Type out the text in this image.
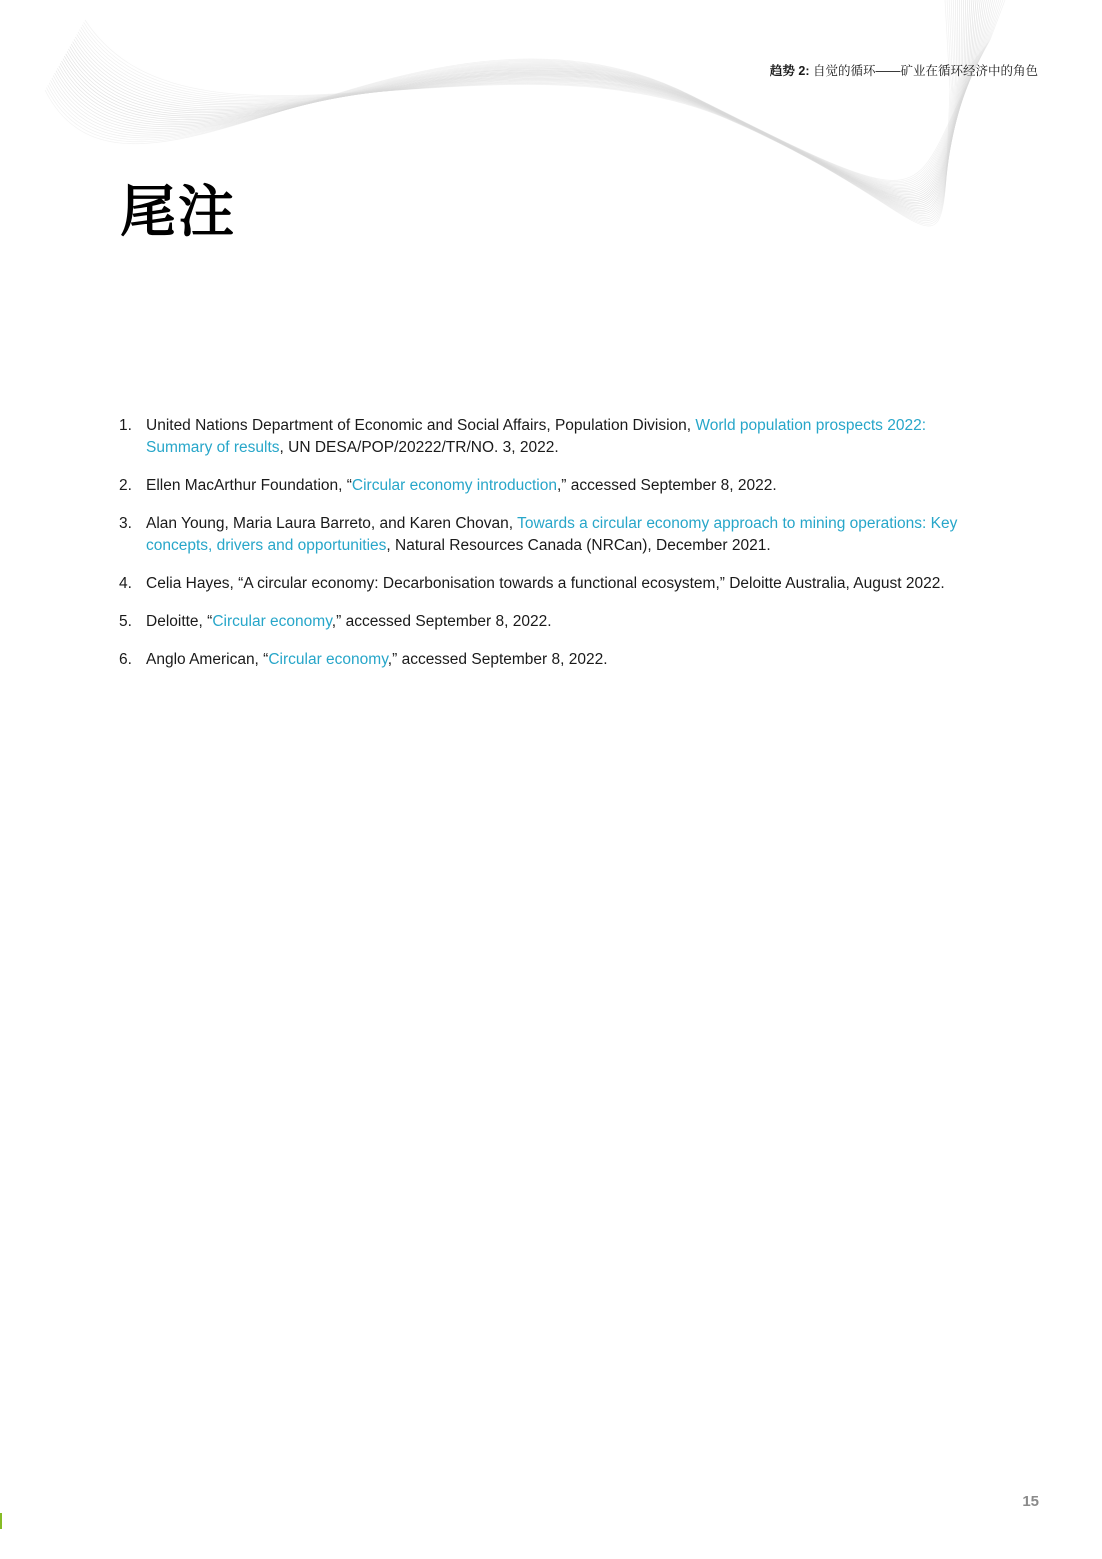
趋势 2: 自觉的循环——矿业在循环经济中的角色
尾注
1. United Nations Department of Economic and Social Affairs, Population Division, World population prospects 2022: Summary of results, UN DESA/POP/20222/TR/NO. 3, 2022.
2. Ellen MacArthur Foundation, “Circular economy introduction,” accessed September 8, 2022.
3. Alan Young, Maria Laura Barreto, and Karen Chovan, Towards a circular economy approach to mining operations: Key concepts, drivers and opportunities, Natural Resources Canada (NRCan), December 2021.
4. Celia Hayes, “A circular economy: Decarbonisation towards a functional ecosystem,” Deloitte Australia, August 2022.
5. Deloitte, “Circular economy,” accessed September 8, 2022.
6. Anglo American, “Circular economy,” accessed September 8, 2022.
15
